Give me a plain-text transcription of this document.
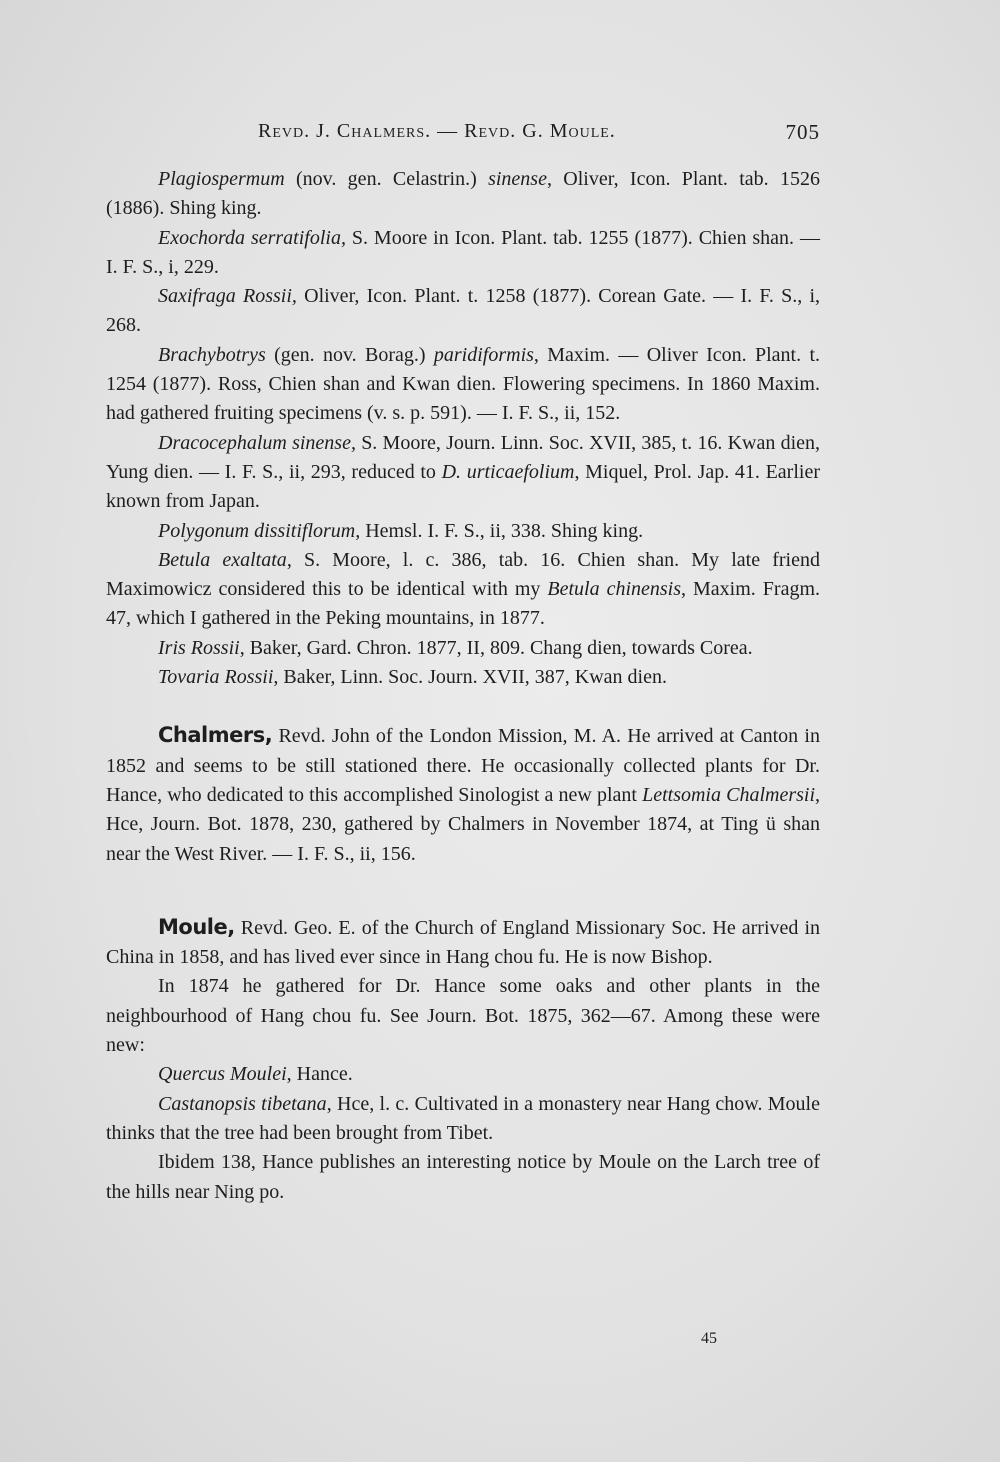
Revd. J. Chalmers. — Revd. G. Moule.	705

Plagiospermum (nov. gen. Celastrin.) sinense, Oliver, Icon. Plant. tab. 1526 (1886). Shing king.

Exochorda serratifolia, S. Moore in Icon. Plant. tab. 1255 (1877). Chien shan. — I. F. S., i, 229.

Saxifraga Rossii, Oliver, Icon. Plant. t. 1258 (1877). Corean Gate. — I. F. S., i, 268.

Brachybotrys (gen. nov. Borag.) paridiformis, Maxim. — Oliver Icon. Plant. t. 1254 (1877). Ross, Chien shan and Kwan dien. Flowering specimens. In 1860 Maxim. had gathered fruiting specimens (v. s. p. 591). — I. F. S., ii, 152.

Dracocephalum sinense, S. Moore, Journ. Linn. Soc. XVII, 385, t. 16. Kwan dien, Yung dien. — I. F. S., ii, 293, reduced to D. urticaefolium, Miquel, Prol. Jap. 41. Earlier known from Japan.

Polygonum dissitiflorum, Hemsl. I. F. S., ii, 338. Shing king.

Betula exaltata, S. Moore, l. c. 386, tab. 16. Chien shan. My late friend Maximowicz considered this to be identical with my Betula chinensis, Maxim. Fragm. 47, which I gathered in the Peking mountains, in 1877.

Iris Rossii, Baker, Gard. Chron. 1877, II, 809. Chang dien, towards Corea.

Tovaria Rossii, Baker, Linn. Soc. Journ. XVII, 387, Kwan dien.

Chalmers, Revd. John of the London Mission, M. A. He arrived at Canton in 1852 and seems to be still stationed there. He occasionally collected plants for Dr. Hance, who dedicated to this accomplished Sinologist a new plant Lettsomia Chalmersii, Hce, Journ. Bot. 1878, 230, gathered by Chalmers in November 1874, at Ting ü shan near the West River. — I. F. S., ii, 156.

Moule, Revd. Geo. E. of the Church of England Missionary Soc. He arrived in China in 1858, and has lived ever since in Hang chou fu. He is now Bishop.

In 1874 he gathered for Dr. Hance some oaks and other plants in the neighbourhood of Hang chou fu. See Journ. Bot. 1875, 362—67. Among these were new:

Quercus Moulei, Hance.

Castanopsis tibetana, Hce, l. c. Cultivated in a monastery near Hang chow. Moule thinks that the tree had been brought from Tibet.

Ibidem 138, Hance publishes an interesting notice by Moule on the Larch tree of the hills near Ning po.

45
